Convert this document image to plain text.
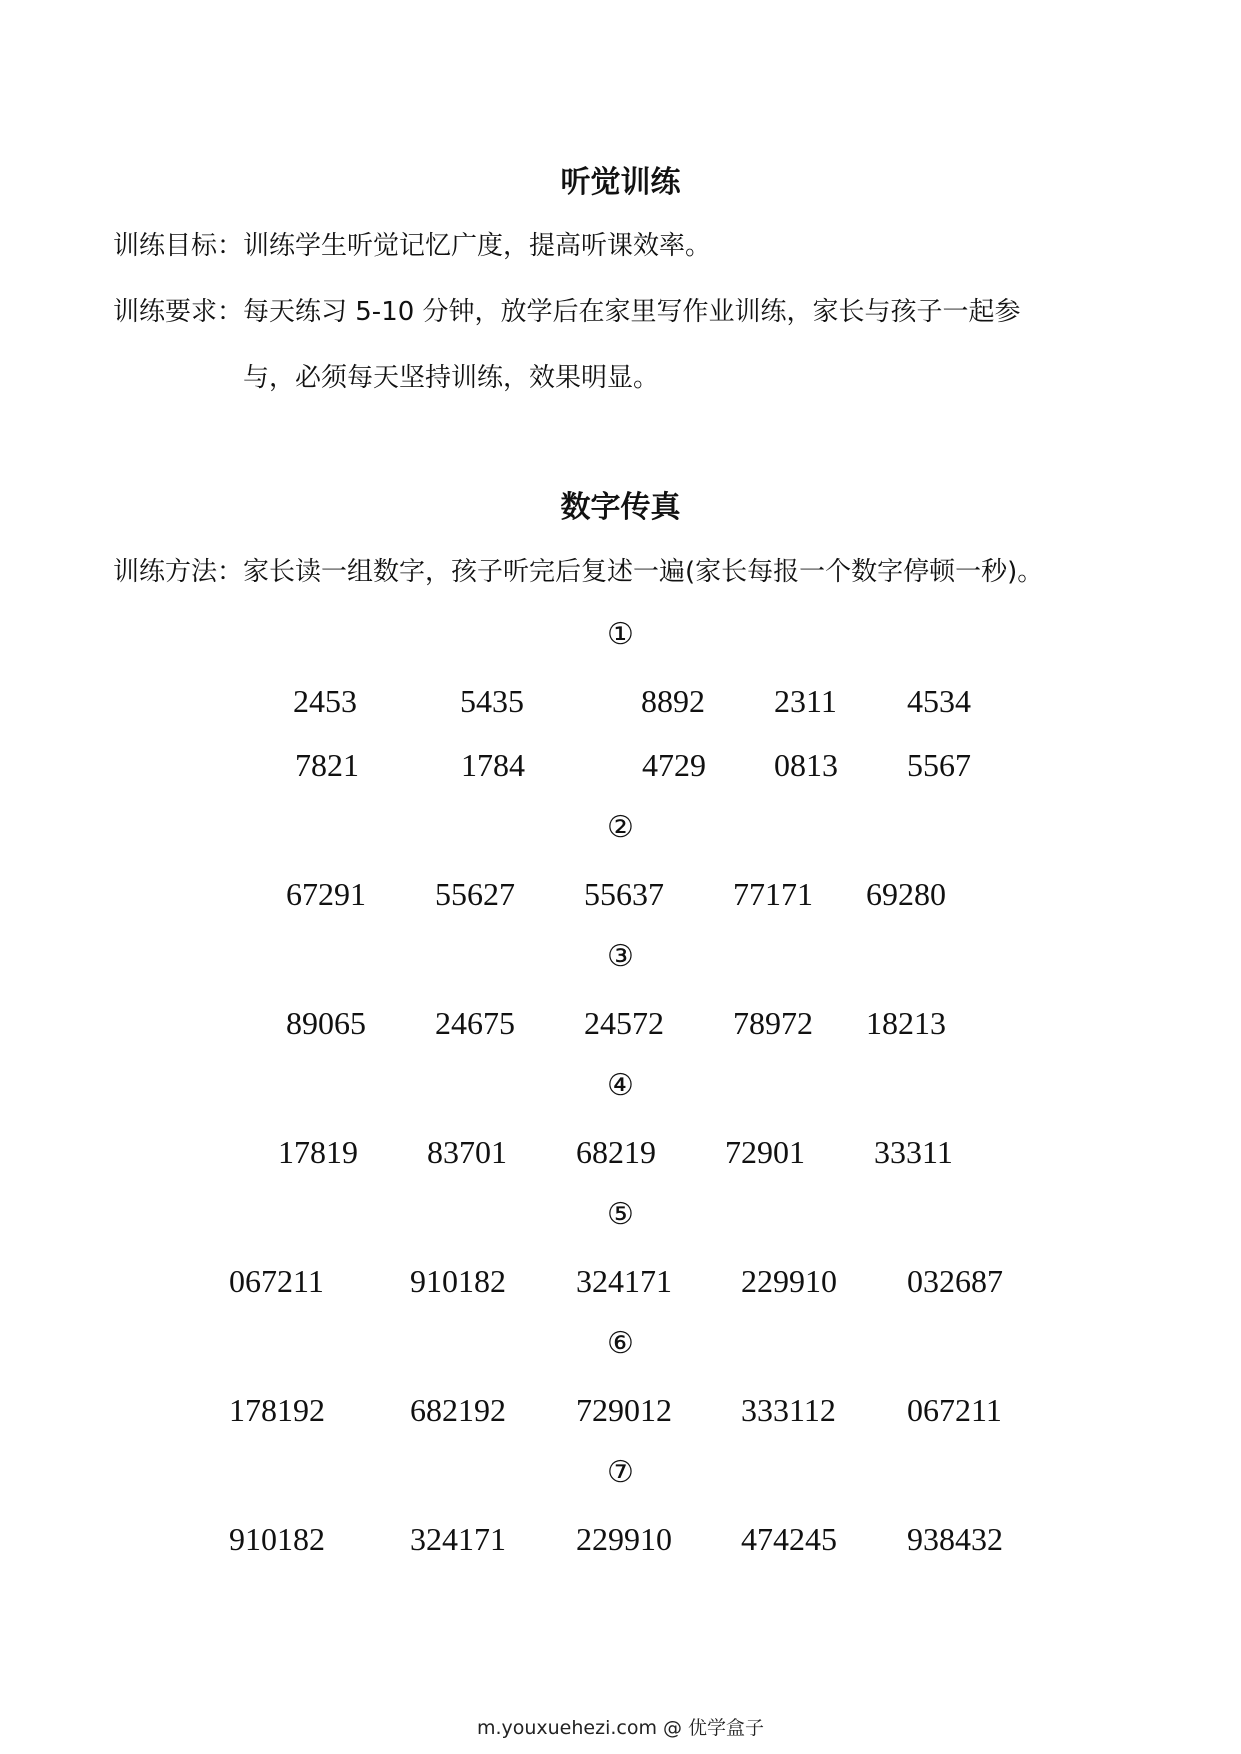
听觉训练

训练目标：训练学生听觉记忆广度，提高听课效率。

训练要求：每天练习 5-10 分钟，放学后在家里写作业训练，家长与孩子一起参

与，必须每天坚持训练，效果明显。

数字传真

训练方法：家长读一组数字，孩子听完后复述一遍(家长每报一个数字停顿一秒)。

①
2453	5435	8892 2311 4534
7821	1784	4729 0813 5567
②
67291 55627 55637 77171 69280
③
89065 24675 24572 78972 18213
④
17819 83701 68219 72901 33311
⑤
067211	910182 324171 229910 032687
⑥
178192	682192 729012 333112 067211
⑦
910182	324171 229910 474245 938432
m.youxuehezi.com @ 优学盒子
